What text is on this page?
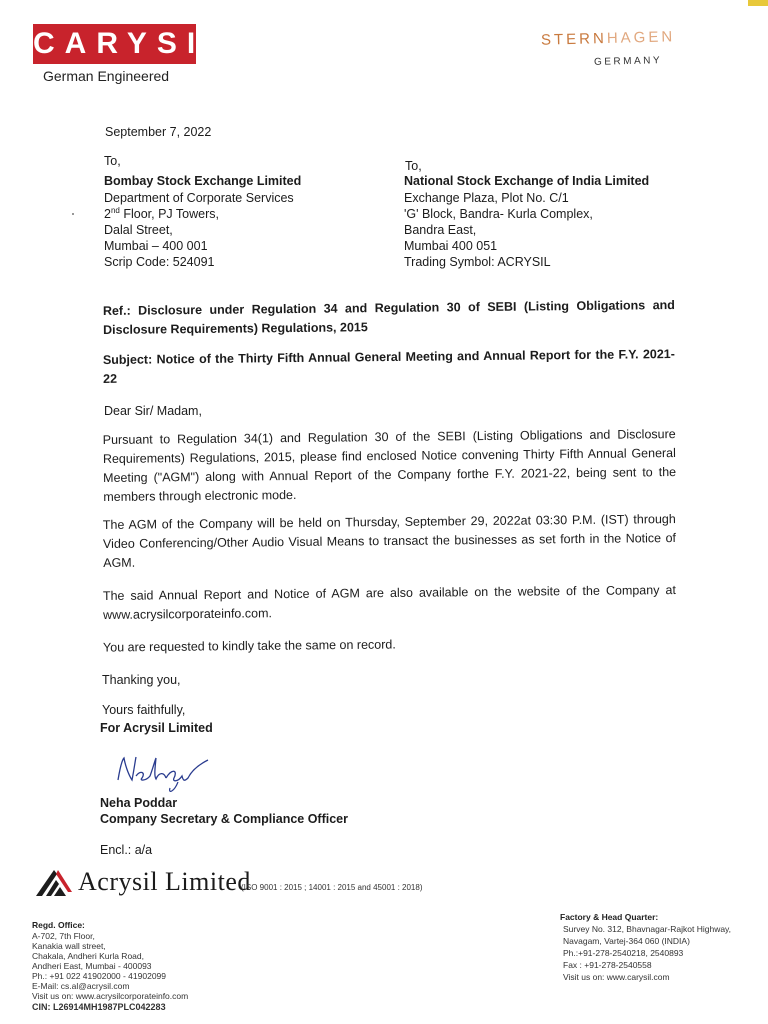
CARYSIL
German Engineered
STERNHAGEN
GERMANY
September 7, 2022
To,
Bombay Stock Exchange Limited
Department of Corporate Services
2nd Floor, PJ Towers,
Dalal Street,
Mumbai – 400 001
Scrip Code: 524091
To,
National Stock Exchange of India Limited
Exchange Plaza, Plot No. C/1
'G' Block, Bandra- Kurla Complex,
Bandra East,
Mumbai 400 051
Trading Symbol: ACRYSIL
Ref.: Disclosure under Regulation 34 and Regulation 30 of SEBI (Listing Obligations and Disclosure Requirements) Regulations, 2015
Subject: Notice of the Thirty Fifth Annual General Meeting and Annual Report for the F.Y. 2021-22
Dear Sir/ Madam,
Pursuant to Regulation 34(1) and Regulation 30 of the SEBI (Listing Obligations and Disclosure Requirements) Regulations, 2015, please find enclosed Notice convening Thirty Fifth Annual General Meeting ("AGM") along with Annual Report of the Company forthe F.Y. 2021-22, being sent to the members through electronic mode.
The AGM of the Company will be held on Thursday, September 29, 2022at 03:30 P.M. (IST) through Video Conferencing/Other Audio Visual Means to transact the businesses as set forth in the Notice of AGM.
The said Annual Report and Notice of AGM are also available on the website of the Company at www.acrysilcorporateinfo.com.
You are requested to kindly take the same on record.
Thanking you,
Yours faithfully,
For Acrysil Limited
Neha Poddar
Company Secretary & Compliance Officer
Encl.: a/a
Acrysil Limited
(ISO 9001 : 2015 ; 14001 : 2015 and 45001 : 2018)
Regd. Office:
A-702, 7th Floor,
Kanakia wall street,
Chakala, Andheri Kurla Road,
Andheri East, Mumbai - 400093
Ph.: +91 022 41902000 - 41902099
E-Mail: cs.al@acrysil.com
Visit us on: www.acrysilcorporateinfo.com
CIN: L26914MH1987PLC042283
Factory & Head Quarter:
Survey No. 312, Bhavnagar-Rajkot Highway,
Navagam, Vartej-364 060 (INDIA)
Ph.:+91-278-2540218, 2540893
Fax : +91-278-2540558
Visit us on: www.carysil.com
